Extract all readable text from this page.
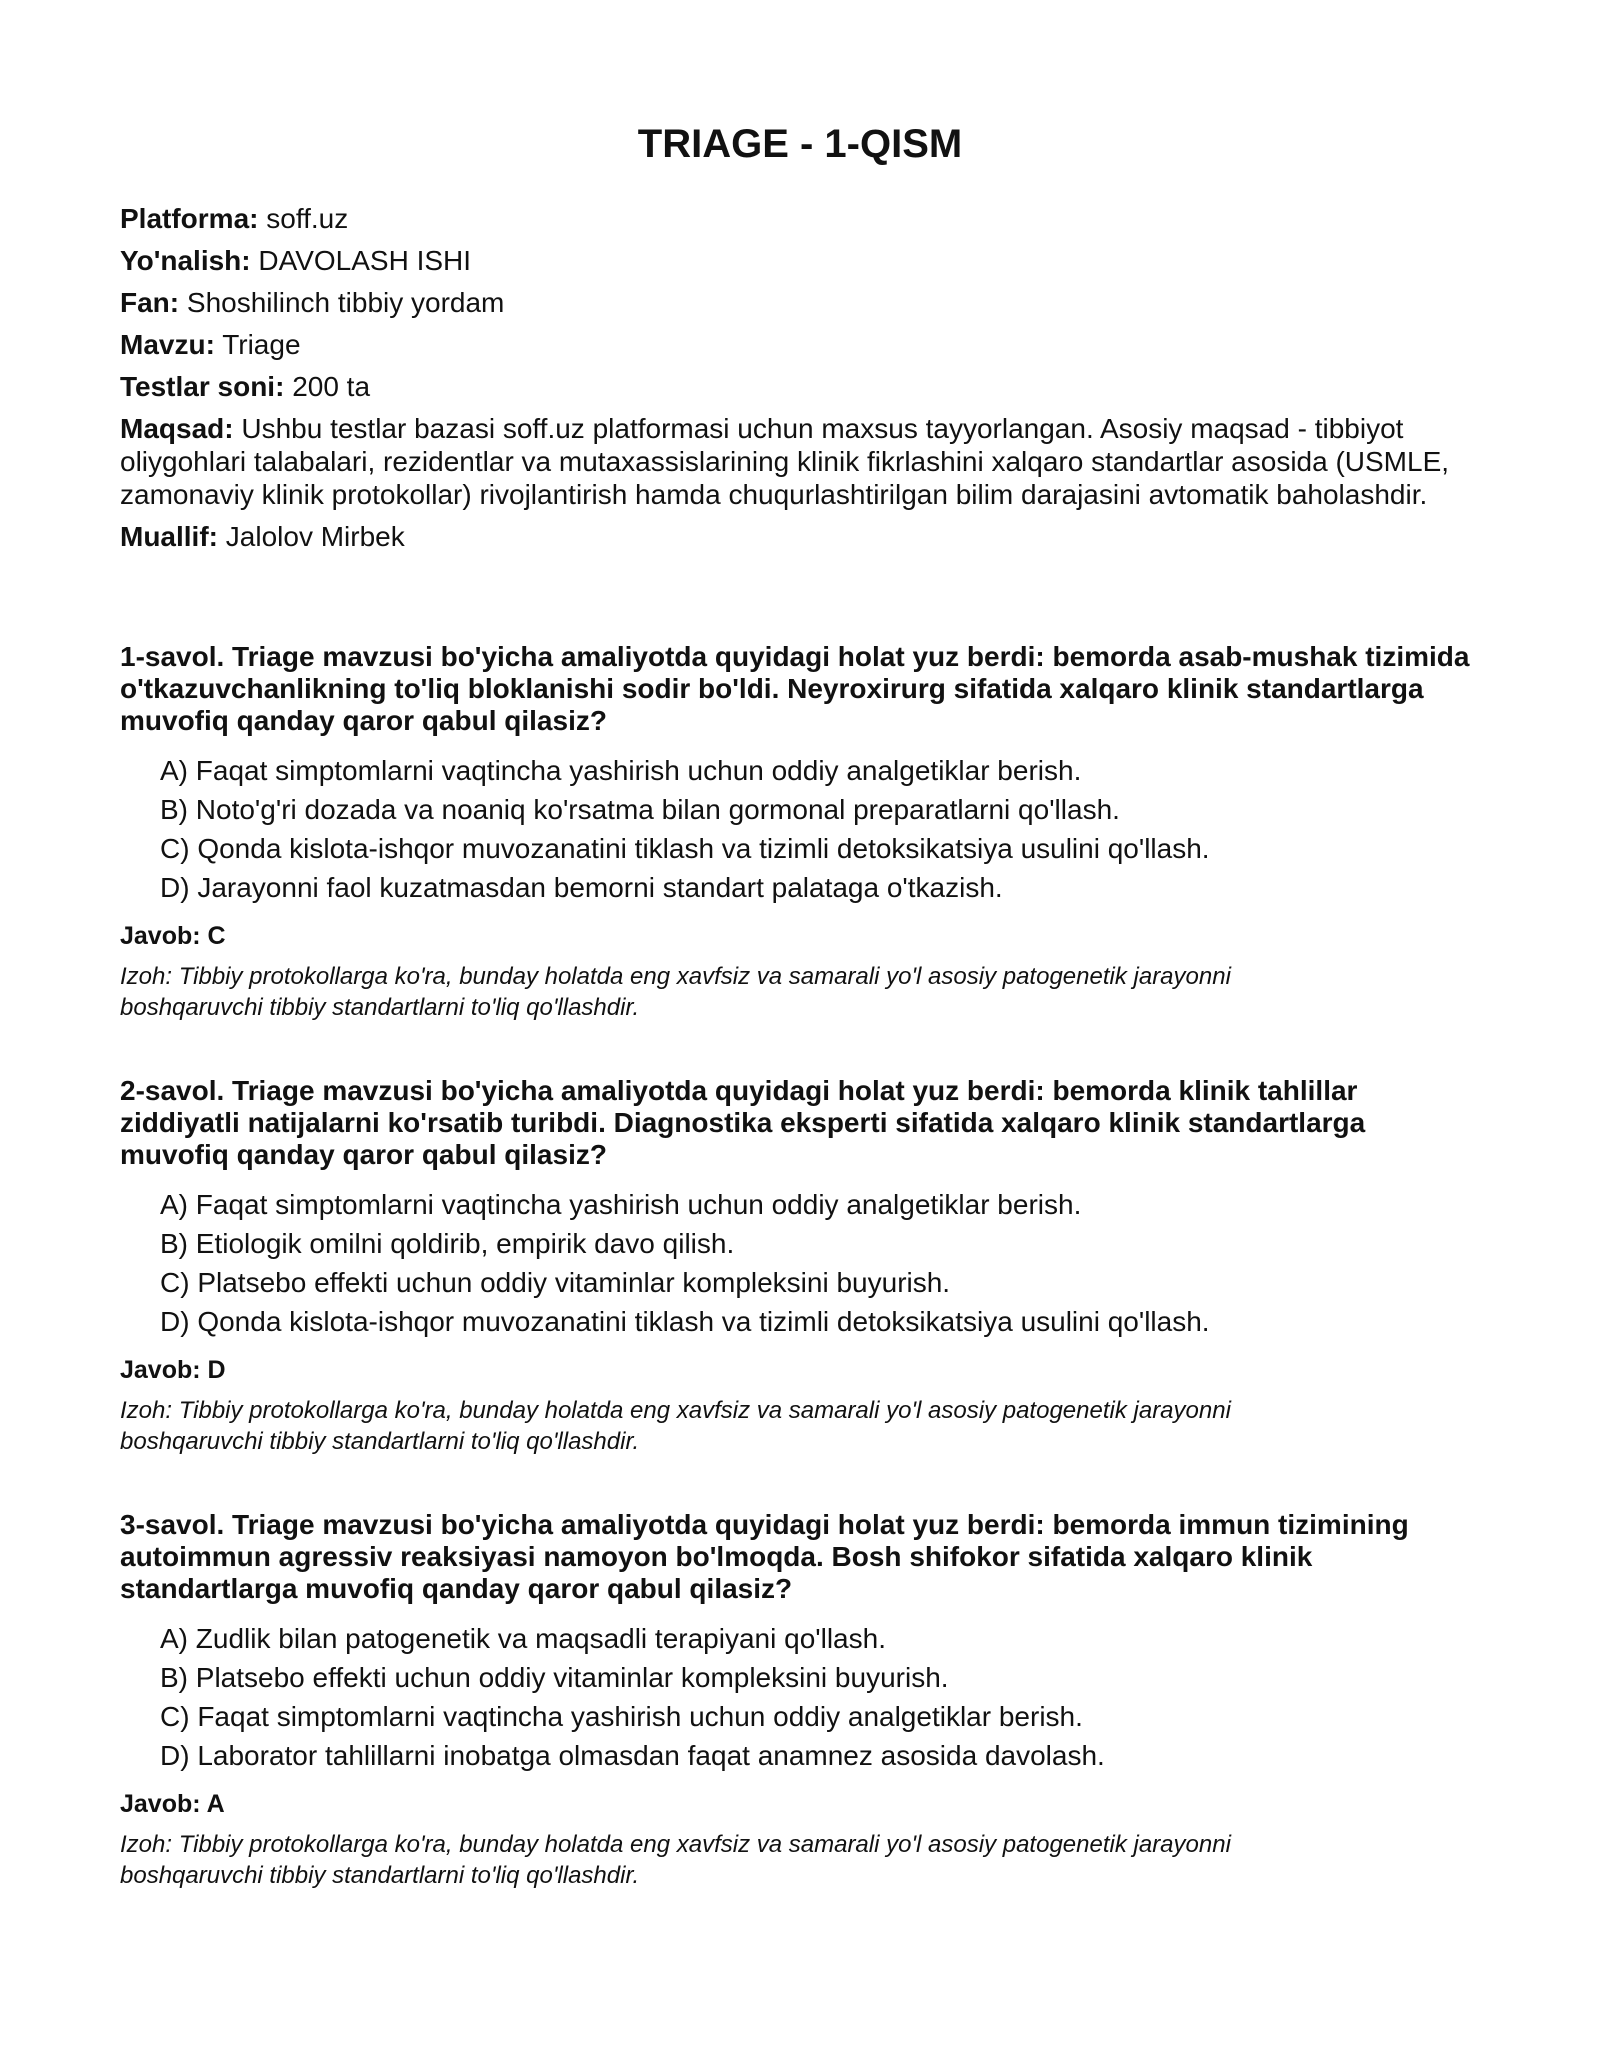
TRIAGE - 1-QISM

Platforma: soff.uz

Yo'nalish: DAVOLASH ISHI

Fan: Shoshilinch tibbiy yordam

Mavzu: Triage

Testlar soni: 200 ta

Maqsad: Ushbu testlar bazasi soff.uz platformasi uchun maxsus tayyorlangan. Asosiy maqsad - tibbiyot oliygohlari talabalari, rezidentlar va mutaxassislarining klinik fikrlashini xalqaro standartlar asosida (USMLE, zamonaviy klinik protokollar) rivojlantirish hamda chuqurlashtirilgan bilim darajasini avtomatik baholashdir.

Muallif: Jalolov Mirbek

1-savol. Triage mavzusi bo'yicha amaliyotda quyidagi holat yuz berdi: bemorda asab-mushak tizimida o'tkazuvchanlikning to'liq bloklanishi sodir bo'ldi. Neyroxirurg sifatida xalqaro klinik standartlarga muvofiq qanday qaror qabul qilasiz?

A) Faqat simptomlarni vaqtincha yashirish uchun oddiy analgetiklar berish.
B) Noto'g'ri dozada va noaniq ko'rsatma bilan gormonal preparatlarni qo'llash.
C) Qonda kislota-ishqor muvozanatini tiklash va tizimli detoksikatsiya usulini qo'llash.
D) Jarayonni faol kuzatmasdan bemorni standart palataga o'tkazish.

Javob: C

Izoh: Tibbiy protokollarga ko'ra, bunday holatda eng xavfsiz va samarali yo'l asosiy patogenetik jarayonni boshqaruvchi tibbiy standartlarni to'liq qo'llashdir.

2-savol. Triage mavzusi bo'yicha amaliyotda quyidagi holat yuz berdi: bemorda klinik tahlillar ziddiyatli natijalarni ko'rsatib turibdi. Diagnostika eksperti sifatida xalqaro klinik standartlarga muvofiq qanday qaror qabul qilasiz?

A) Faqat simptomlarni vaqtincha yashirish uchun oddiy analgetiklar berish.
B) Etiologik omilni qoldirib, empirik davo qilish.
C) Platsebo effekti uchun oddiy vitaminlar kompleksini buyurish.
D) Qonda kislota-ishqor muvozanatini tiklash va tizimli detoksikatsiya usulini qo'llash.

Javob: D

Izoh: Tibbiy protokollarga ko'ra, bunday holatda eng xavfsiz va samarali yo'l asosiy patogenetik jarayonni boshqaruvchi tibbiy standartlarni to'liq qo'llashdir.

3-savol. Triage mavzusi bo'yicha amaliyotda quyidagi holat yuz berdi: bemorda immun tizimining autoimmun agressiv reaksiyasi namoyon bo'lmoqda. Bosh shifokor sifatida xalqaro klinik standartlarga muvofiq qanday qaror qabul qilasiz?

A) Zudlik bilan patogenetik va maqsadli terapiyani qo'llash.
B) Platsebo effekti uchun oddiy vitaminlar kompleksini buyurish.
C) Faqat simptomlarni vaqtincha yashirish uchun oddiy analgetiklar berish.
D) Laborator tahlillarni inobatga olmasdan faqat anamnez asosida davolash.

Javob: A

Izoh: Tibbiy protokollarga ko'ra, bunday holatda eng xavfsiz va samarali yo'l asosiy patogenetik jarayonni boshqaruvchi tibbiy standartlarni to'liq qo'llashdir.
